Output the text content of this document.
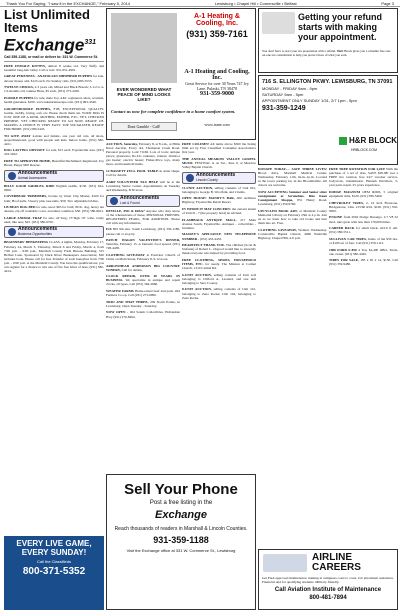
Thank You For Saying, "I saw it in the EXCHANGE," February 5, 2014	Lewisburg • Chapel Hill • Cornersville • Belfast	Page 3
List Unlimited Items
Exchange$^{331}$
Call 359-1188, or mail or deliver to: 331 W. Commerce St.
FREE FEMALE KITTEN, almost 8 weeks old. Very fluffy and beautiful long-hair tabby. Call or text: 931-651-4991.
GREAT PYRENEES - ANATOLIAN SHEPHERD PUPPIES for sale, devour mouse odd, $125 each. No Sunday calls. (931) 683-5555.
TWELVE CHICKS, 2-3 years old, Mixed and Black Breeds; 3-1/2 to 4-1/2-months old, Guinea Hens, $5 each. (931) 273-4430.
POODLE PUPPIES for sale, male Toy, AKC registered, shots, wormed, health guarantee. $450. www.laketarieteacups.com. (931) 993-4349.
GOLDENDOODLE PUPPIES, F1B, EXCEPTIONAL QUALITY. Gentle, cuddly, loving, soft, etc. Please check them out. YOUR DOG IS JUST ONE OF A KIND, MOTHER, FATHER, ETC. VET, CHECKED PREMISE. VET CHECKED, READY TO GO NOW, READY 2/8. MAKING A CHOICE IS VERY EASY. TOP SOCIALIZED, READY FOR HOME. (931) 580-5445.
TO GIVE AWAY 4-male and female, one year old cats, all shots, spayed/neutered, good with people and kids. Indoor home. (931) 580-4221.
DOG LASTING ODYSSEY for sale, $15 each. Fayetteville area. (931) 433-5922.
FREE TO APPROVED HOME, Beautiful Dachshund, Registered, Toy Breed, Puppy Mill Rescue.
Announcements
Animal Accessories
BILLY GOOD SADDLES, RIDE English saddle, $150. (931) 624-9956.
COVERBEAR TRIMMERS, bronze by Oster Clip Master, $100 for both; Hoof nails, 3 heavy plus rose nails, $50; Two adjustable bridles.
LB BEAN DOG BED for sale, used. $65 for both; 80 lb. dog, heavy tan dearest, zip off washable cover, excellent condition, $50. (931) 580-6621.
LARGE ANIMAL TRAP for sale, 42"long, 15"high 16" wide, rarely used, like new, $25. (931) 580-9750.
Announcements
Business Opportunities
BEGINNERS' BEEKEEPING CLASS, 4 nights, Monday, February 17, February 24, March 3, Thursday, March 6 and Friday, March 4, from 7:00 p.m. - 9:00 p.m., Marshall County Farm Bureau Building, 315 Belfast Lane. Sponsored by Duck River Beekeepers Association; $20 includes book. Please call for free Transfer of each honeybee from 7:00 p.m. - 9:00 p.m. at the Marshall County. You have the qualifications; you can register for a chance to win one of five free hives of bees. (931) 580-4414.
EVERY LIVE GAME,
EVERY SUNDAY!
Call the Classifieds
800-371-5352
A-1 Heating & Cooling, Inc.
(931) 359-7161
EVER WONDERED WHAT PEACE OF MIND LOOKS LIKE?
A-1 Heating and Cooling, Inc.
Great Service for over 30 Years 747 Ivy Lane, Pulaski, TN 38478
931-359-9000
Contact us now for complete confidence in a home comfort system.
Dont Gamble - Call!	www.trane.com
AUCTION, Saturday, February 8, at 8 a.m., at Hilda Knox Auction, Every old, Thompson Creek Road. Personal property. Lot# 71166. Lots of tools; antique plows; glassware; Ro-Do canisters, trailers; Outdoor gas heater; electric heater; Fisher-Price toys, many more, and household items.
12 BASSETT FULL POOL TABLE in sister shape. Call for details.
AARP VOLUNTEER TAX HELP will be at the Lewisburg Senior Center. Appointments on Tuesday and Wednesday, 8:30 noon.
Announcements
Lost & Found
DEVILLE, PIO & IRSA? Anyone who may know of the whereabouts of these, PERSONAL FRIENDS, REGISTERED PEARL, FOR ADOPTION. Please call with any information.
IUS 803 9th Ave. South Lewisburg. (931) 359-1180, please call or stop by.
PATCH WAGON VALENTINE'S DINNER, Saturday, February 15. A fantastic food spread. (931) 728-4438.
CLOTHING GIVEAWAY at Eastview Church of Christ on Main Street, February 8, 9-12 noon.
ARROWHEAD ANDERSON BIG COUNTRY WINERY, Call for details.
CLOCK REPAIR, OVER 40 YEARS IN BUSINESS. We specialize in antique and repair clocks, all types. Call (931) 364-2666.
WEAVER FARMS Home-raised beef and pork. Old Farmers Co-op. Call (931) 273-0990.
TRIO AND THAT THREE, 209 North Pointe, in Lewisburg. Open Tuesday - Saturday.
NOW OPEN - Old Salem Collectibles, Hollandale Hwy (931) 270-8494.
FREE COLUMN! All items above $500 the listing limit set by Free Classified Consumer Association's first year.
THE ANNUAL MEADOW VALLEY GOSPEL MUSIC FESTIVAL is on Sat., June 9, at Meadow Valley Baptist Church.
Announcements
Lincoln County
11-UNIT AUCTION, selling contents of Unit 601, belonging to George B. Woolfolk, and 2 items.
OPEN HOUSE! MANDY'S BAR, 400 Ardmore Highway, Fayetteville Retail Resort.
IN WHOM IT MAY CONCERN: the current tenant of Unit D - 7 (the property hold) be advised.
FLASHBACK ANTIQUE MALL, 217 Main Avenue South, Fayetteville. Antiques - collectibles - furniture.
MASSEY'S APPLIANCE NEW TELEPHONE NUMBER - (931) 433-4433.
HEARTFELT THANK YOU. The children (Scott & Stefanie) of Robert L. Osgood would like to sincerely thank everyone who helped by providing food.
FREE CLOTHING, SHOES, HOUSEHOLD ITEMS, ETC. for needy. The Mission at Carmel Church, 1310 Carmel Rd.
6-UNIT AUCTION, selling contents of Unit 4-D belonging to Clifford A. Leonard, and one unit belonging to Sara Cooney.
8-UNIT AUCTION, selling contents of Unit 101, belonging to Zena Rocke; Unit 104, belonging to Zena Rocke.
Sell Your Phone
Post a free listing in the
Exchange
Reach thousands of readers in Marshall & Lincoln Counties.
931-359-1188
Visit the Exchange office at 331 W. Commerce St., Lewisburg
Getting your refund starts with making your appointment.
You don't have to start your tax preparation with a refund. H&R Block gives you a valuable free one-on-one tax consultation to help you protect more of what you earn.
716 S. ELLINGTON PKWY. LEWISBURG, TN 37091
MONDAY - FRIDAY 9am - 9pm
SATURDAY 9am - 5pm
APPOINTMENT ONLY SUNDAY 1/31, 2/7 1pm - 5pm
931-359-1249
H&R BLOCK
HRBLOCK.COM
DONATE TODAY..... SAVE THREE LIVES! Blood drive, Marshall Medical Center, Wednesday, February 11th, 9a.m.-1p.m. Located in the lower parking lot, in the Bloodmobile. All donors are welcome.
NOW ACCEPTING Summer and Senior sitter consignment at Scrunchies. Rite Kean Consignment Shoppe, 831 Henry Road, Lewisburg. (931) 359-9760.
UPCYCLED BOOK ART, at Marshall County Memorial Library on February 25th at 4 p.m. Join us as we learn how to take old books and turn them into art. Free.
CLOTHING GIVEAWAY, Women: Wednesday. Cornersville Baptist Church, 4066 Nashville Highway, Chapel Hill, 4-6 p.m.
FREE TREE ROTATION FOR 2,015! With the purchase of a set of tires, SAVE $95.98! Get a FREE tire rotation, free 24/7 wrecker service, bodywork, transmission. Hannah Davidson, 3-year parts repair. 25 years experience.
DODGE MAGNUM OEM RIMS, 5 original equipment rims, $120. (931) 580-5460.
CHEVROLET TIRES, 2, 16 inch Firestone, Bridgestone, 14in. 215/60 R16, $100. (931) 359-9950.
ENGINE from 2002 Dodge Durango, 4.7 V8 52 mod, runs great with less than 170,000 miles.
CAREER BACK for small black, 4x3-6 ft tall. (931) 580-5511.
SULLIVAN CAR TIRES, home of the $30 tire, or $100 set of four. Call (931) 359-1115.
1986 FORD F-850 4 Ton, $2,400 OBO, Truck, one owner. (931) 580-4420.
TIRES FOR SALE, 185 x 65 x 14, $150. Call (931) 359-9480.
AIRLINE CAREERS
Get FAA approved maintenance training at campuses coast to coast. Job placement assistance. Financial Aid for qualifying students. Military friendly.
Call Aviation Institute of Maintenance
800-481-7894
